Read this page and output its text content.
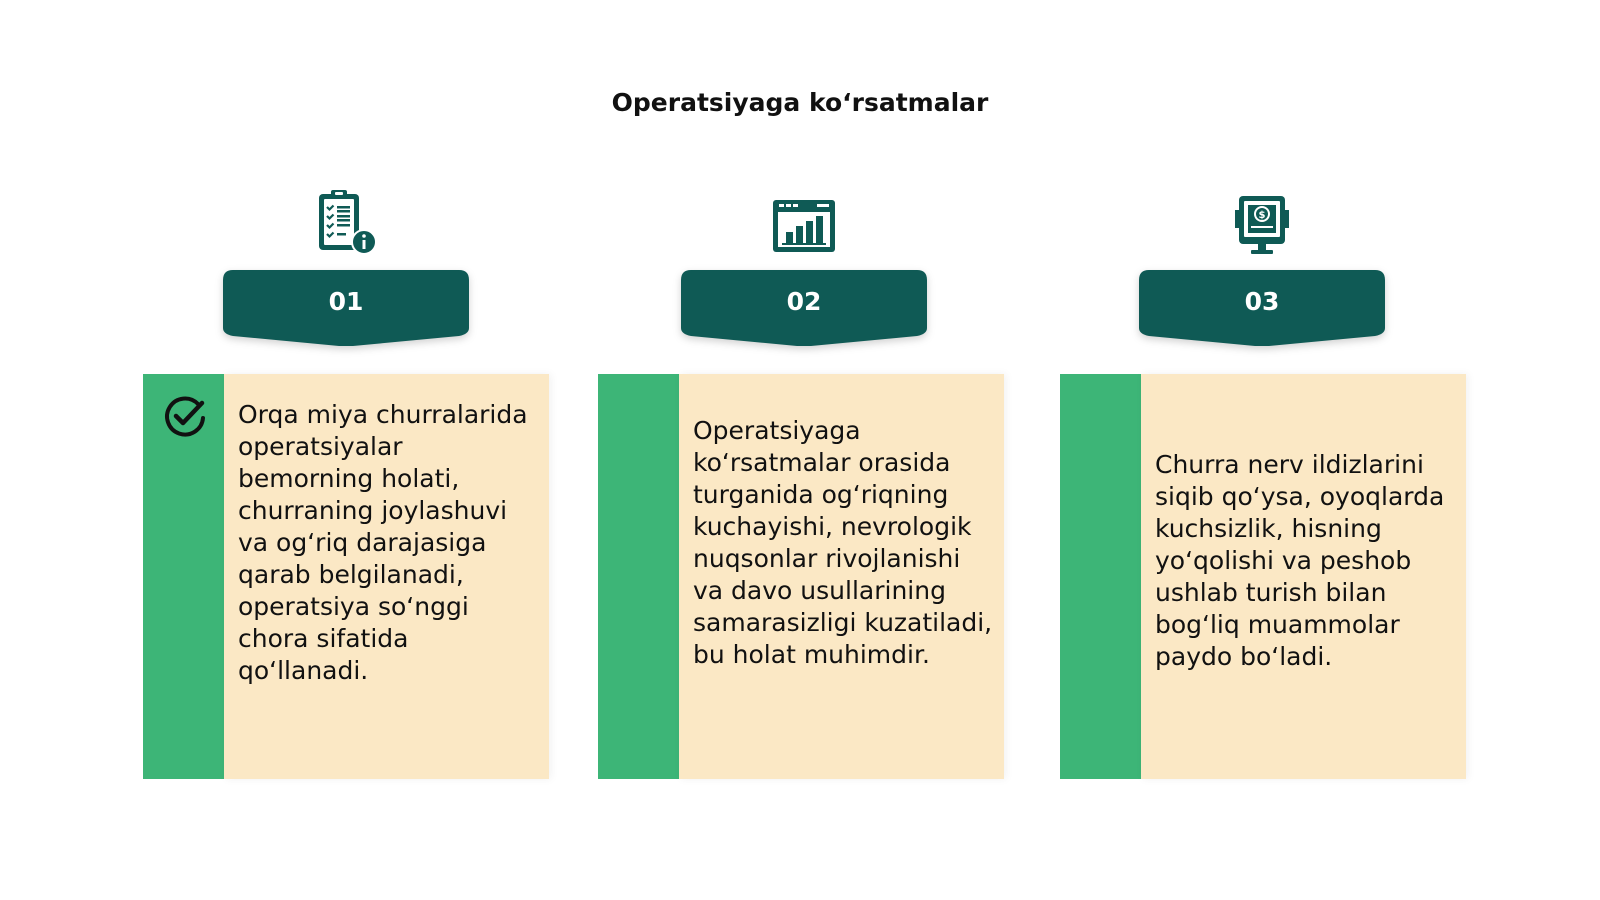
Operatsiyaga ko‘rsatmalar
01	02
$
03
Orqa miya churralarida operatsiyalar bemorning holati, churraning joylashuvi va og‘riq darajasiga qarab belgilanadi, operatsiya so‘nggi chora sifatida qo‘llanadi.
Operatsiyaga ko‘rsatmalar orasida turganida og‘riqning kuchayishi, nevrologik nuqsonlar rivojlanishi va davo usullarining samarasizligi kuzatiladi, bu holat muhimdir.
Churra nerv ildizlarini siqib qo‘ysa, oyoqlarda kuchsizlik, hisning yo‘qolishi va peshob ushlab turish bilan bog‘liq muammolar paydo bo‘ladi.
